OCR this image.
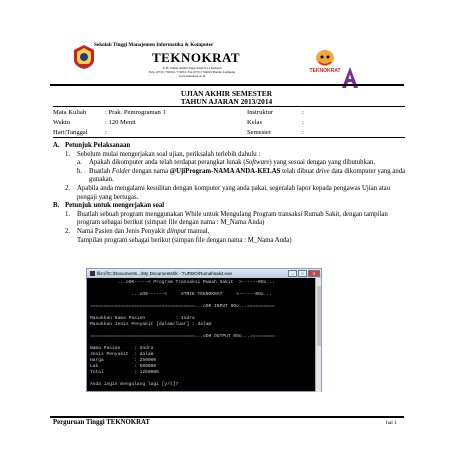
Sekolah Tinggi Manajemen Informatika & Komputer
TEKNOKRAT
Jl. H. Zainal Abidin Pagar Alam 9-11 Kedaton
Telp. (0721) 702022, 774061, Fax (0721) 702022 Bandar Lampung
www.teknokrat.ac.id
TEKNOKRAT
UJIAN AKHIR SEMESTER
TAHUN AJARAN 2013/2014
Mata Kuliah	: Prak. Pemrograman 1	Instruktur	:
Waktu	: 120 Menit	Kelas	:
Hari/Tanggal	:	Semester	:
A. Petunjuk Pelaksanaan
1.	Sebelum mulai mengerjakan soal ujian, periksalah terlebih dahulu :
a.	Apakah dikomputer anda telah terdapat perangkat lunak (Software) yang sesuai dengan yang dibutuhkan.
b.	Buatlah Folder dengan nama @UjiProgram-NAMA ANDA-KELAS telah dibuat drive data dikomputer yang anda gunakan.
2.	Apabila anda mengalami kesulitan dengan komputer yang anda pakai, segeralah lapor kepada pengawas Ujian atau pengaji yang bertugas.
B. Petunjuk untuk mengerjakan soal
1.	Buatlah sebuah program menggunakan While untuk Mengulang Program transaksi Rumah Sakit, dengan tampilan program sebagai berikut (simpan file dengan nama : M_Nama Anda)
2.	Nama Pasien dan Jenis Penyakit diinput manual,
Tampilan program sebagai berikut (simpan file dengan nama : M_Nama Anda)
file:///C:/Documents.../My Documents/tk - TURBO/Rumahsakit.exe	–	□	✕
...oO0-----< Program Transaksi Rumah Sakit  >------0Oo...

...oO0------<     STMIK TEKNOKRAT     >------0Oo...

======================================...oO0 INPUT 0Oo...==========

Masukkan Nama Pasien           : Indra
Masukkan Jenis Penyakit [dalam/luar] : dalam

======================================...oO0 OUTPUT 0Oo...=========

Nama Pasien     : Indra
Jenis Penyakit  : dalam
Harga           : 250000
Lab             : 500000
Total           : 1250000

Anda ingin mengulang lagi [y/t]?
Perguruan Tinggi TEKNOKRAT	hal 1
